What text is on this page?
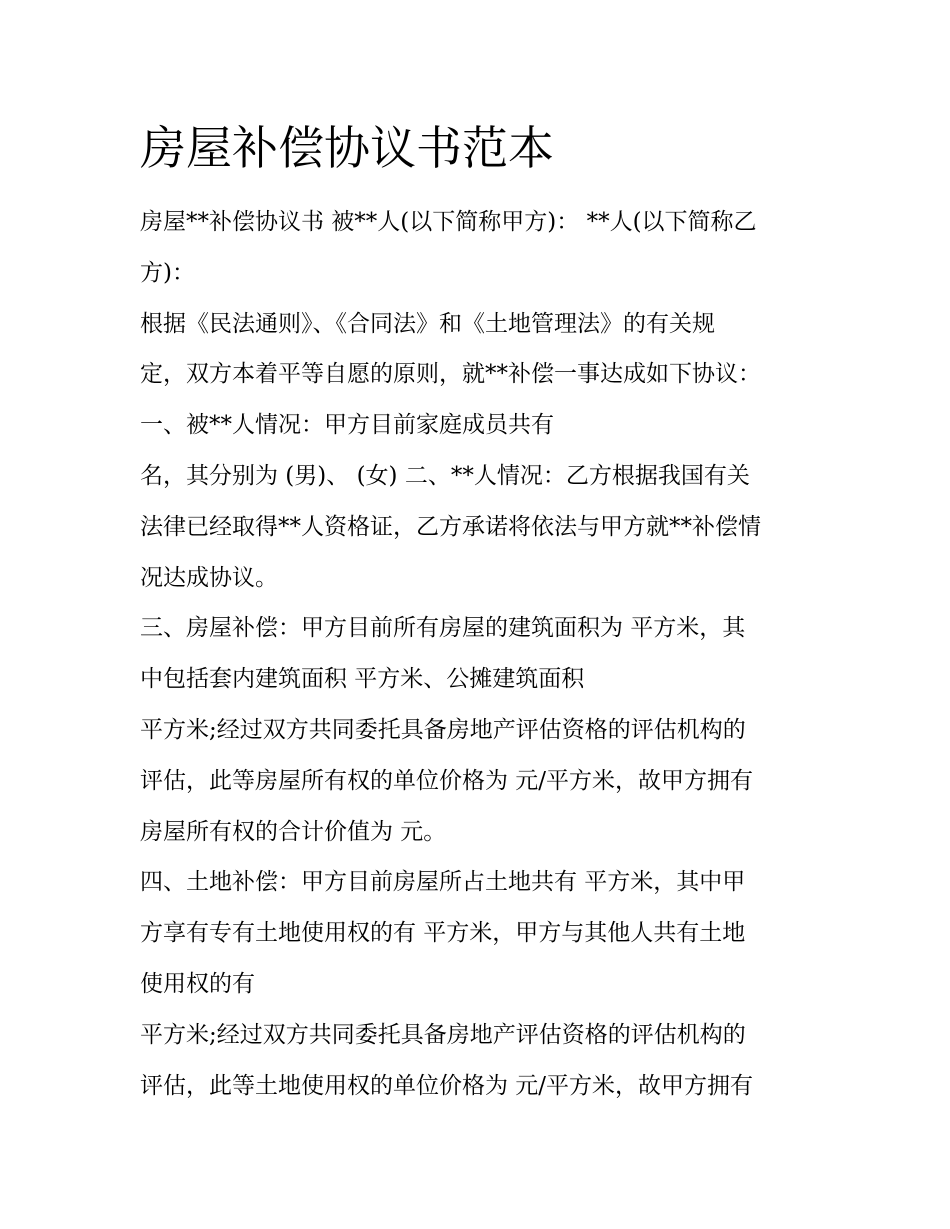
房屋补偿协议书范本

房屋**补偿协议书 被**人(以下简称甲方)： **人(以下简称乙

方)：

根据《民法通则》、《合同法》和《土地管理法》的有关规

定，双方本着平等自愿的原则，就**补偿一事达成如下协议：

一、被**人情况：甲方目前家庭成员共有

名，其分别为 (男)、 (女) 二、**人情况：乙方根据我国有关

法律已经取得**人资格证，乙方承诺将依法与甲方就**补偿情

况达成协议。

三、房屋补偿：甲方目前所有房屋的建筑面积为 平方米，其

中包括套内建筑面积 平方米、公摊建筑面积

平方米;经过双方共同委托具备房地产评估资格的评估机构的

评估，此等房屋所有权的单位价格为 元/平方米，故甲方拥有

房屋所有权的合计价值为 元。

四、土地补偿：甲方目前房屋所占土地共有 平方米，其中甲

方享有专有土地使用权的有 平方米，甲方与其他人共有土地

使用权的有

平方米;经过双方共同委托具备房地产评估资格的评估机构的

评估，此等土地使用权的单位价格为 元/平方米，故甲方拥有
